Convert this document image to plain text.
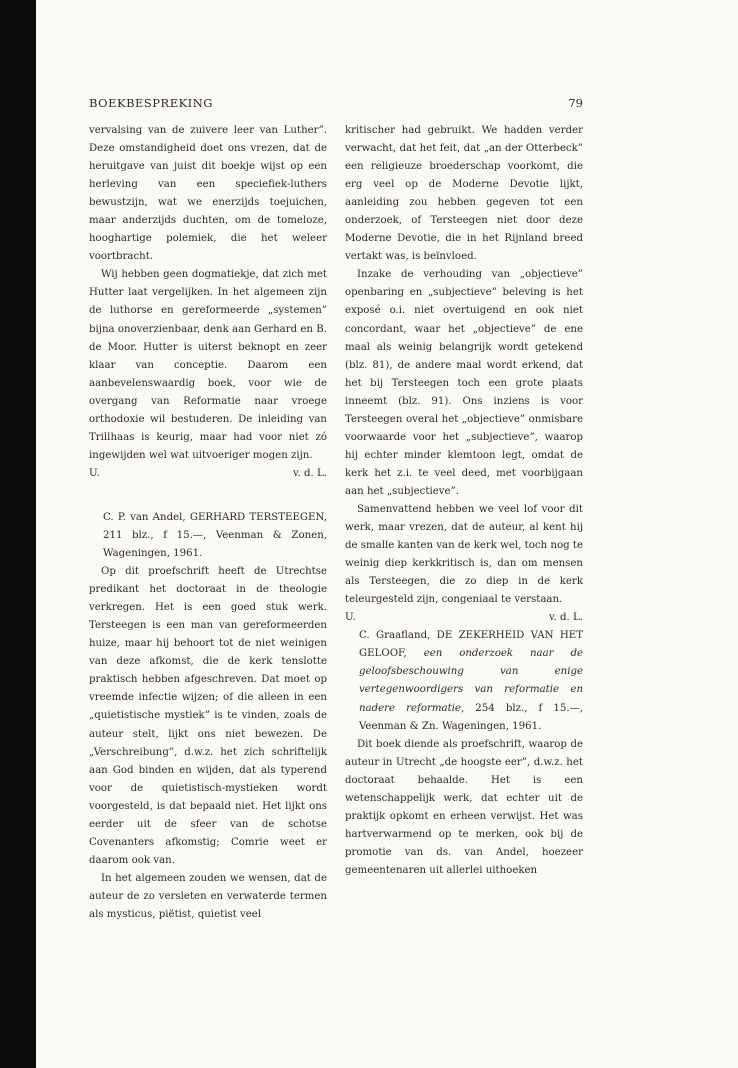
BOEKBESPREKING	79

vervalsing van de zuivere leer van Luther”. Deze omstandigheid doet ons vrezen, dat de heruitgave van juist dit boekje wijst op een herleving van een speciefiek-luthers bewustzijn, wat we enerzijds toejuichen, maar anderzijds duchten, om de tomeloze, hooghartige polemiek, die het weleer voortbracht.

Wij hebben geen dogmatiekje, dat zich met Hutter laat vergelijken. In het algemeen zijn de luthorse en gereformeerde „systemen” bijna onoverzienbaar, denk aan Gerhard en B. de Moor. Hutter is uiterst beknopt en zeer klaar van conceptie. Daarom een aanbevelenswaardig boek, voor wie de overgang van Reformatie naar vroege orthodoxie wil bestuderen. De inleiding van Trillhaas is keurig, maar had voor niet zó ingewijden wel wat uitvoeriger mogen zijn.

U.	v. d. L.

C. P. van Andel, GERHARD TERSTEEGEN, 211 blz., f 15.—, Veenman & Zonen, Wageningen, 1961.

Op dit proefschrift heeft de Utrechtse predikant het doctoraat in de theologie verkregen. Het is een goed stuk werk. Tersteegen is een man van gereformeerden huize, maar hij behoort tot de niet weinigen van deze afkomst, die de kerk tenslotte praktisch hebben afgeschreven. Dat moet op vreemde infectie wijzen; of die alleen in een „quietistische mystiek” is te vinden, zoals de auteur stelt, lijkt ons niet bewezen. De „Verschreibung”, d.w.z. het zich schriftelijk aan God binden en wijden, dat als typerend voor de quietistisch-mystieken wordt voorgesteld, is dat bepaald niet. Het lijkt ons eerder uit de sfeer van de schotse Covenanters afkomstig; Comrie weet er daarom ook van.

In het algemeen zouden we wensen, dat de auteur de zo versleten en verwaterde termen als mysticus, piëtist, quietist veel

kritischer had gebruikt. We hadden verder verwacht, dat het feit, dat „an der Otterbeck” een religieuze broederschap voorkomt, die erg veel op de Moderne Devotie lijkt, aanleiding zou hebben gegeven tot een onderzoek, of Tersteegen niet door deze Moderne Devotie, die in het Rijnland breed vertakt was, is beïnvloed.

Inzake de verhouding van „objectieve” openbaring en „subjectieve” beleving is het exposé o.i. niet overtuigend en ook niet concordant, waar het „objectieve” de ene maal als weinig belangrijk wordt getekend (blz. 81), de andere maal wordt erkend, dat het bij Tersteegen toch een grote plaats inneemt (blz. 91). Ons inziens is voor Tersteegen overal het „objectieve” onmisbare voorwaarde voor het „subjectieve”, waarop hij echter minder klemtoon legt, omdat de kerk het z.i. te veel deed, met voorbijgaan aan het „subjectieve”.

Samenvattend hebben we veel lof voor dit werk, maar vrezen, dat de auteur, al kent hij de smalle kanten van de kerk wel, toch nog te weinig diep kerkkritisch is, dan om mensen als Tersteegen, die zo diep in de kerk teleurgesteld zijn, congeniaal te verstaan.

U.	v. d. L.

C. Graafland, DE ZEKERHEID VAN HET GELOOF, een onderzoek naar de geloofsbeschouwing van enige vertegenwoordigers van reformatie en nadere reformatie, 254 blz., f 15.—, Veenman & Zn. Wageningen, 1961.

Dit boek diende als proefschrift, waarop de auteur in Utrecht „de hoogste eer”, d.w.z. het doctoraat behaalde. Het is een wetenschappelijk werk, dat echter uit de praktijk opkomt en erheen verwijst. Het was hartverwarmend op te merken, ook bij de promotie van ds. van Andel, hoezeer gemeentenaren uit allerlei uithoeken
